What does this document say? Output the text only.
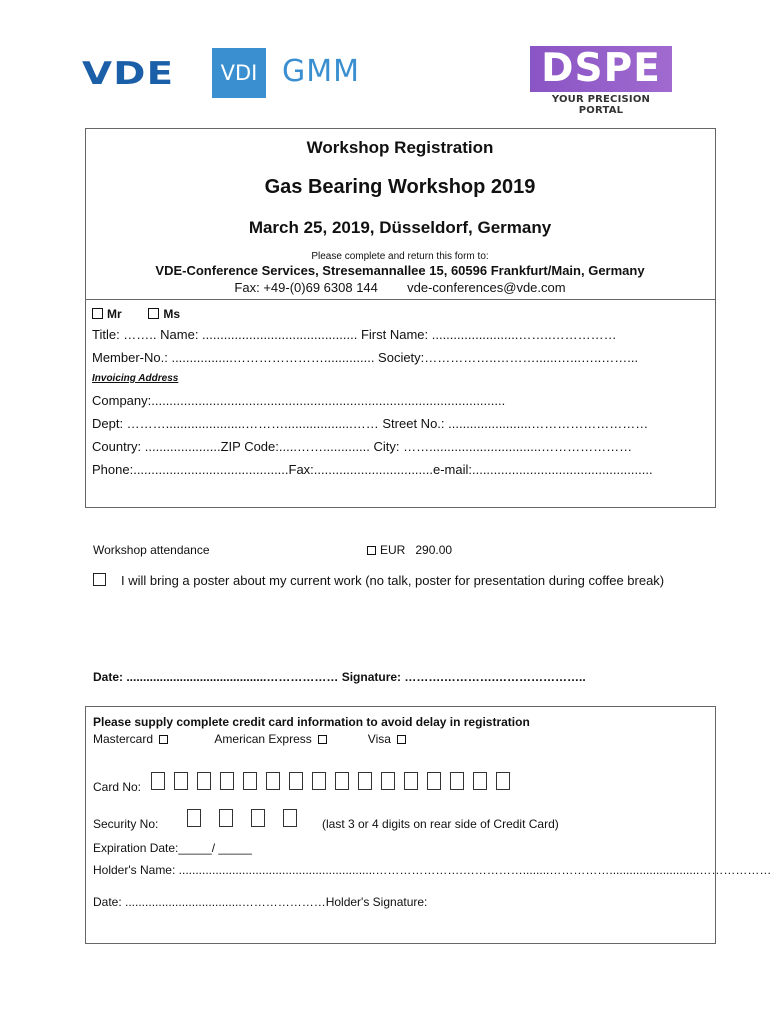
VDE VDI GMM	DSPE
YOUR PRECISION PORTAL
Workshop Registration
Gas Bearing Workshop 2019
March 25, 2019, Düsseldorf, Germany
Please complete and return this form to:
VDE-Conference Services, Stresemannallee 15, 60596 Frankfurt/Main, Germany
Fax: +49-(0)69 6308 144 vde-conferences@vde.com
Mr	Ms
Title: …….. Name: ........................................... First Name: ........................……..……………
Member-No.: .................………………….............. Society:……………..………......…...…..……...
Invoicing Address
Company:..................................................................................................
Dept: ………......................………...................…… Street No.: .......................………………………
Country: .....................ZIP Code:.....……............. City: ……...............................…………………
Phone:...........................................Fax:.................................e-mail:..................................................
Workshop attendance	EUR 290.00
I will bring a poster about my current work (no talk, poster for presentation during coffee break)
Date: ..........................................……………… Signature: ……….………….…………………..
Please supply complete credit card information to avoid delay in registration
Mastercard	American Express	Visa
Card No:
Security No:	(last 3 or 4 digits on rear side of Credit Card)
Expiration Date:_____/ _____
Holder's Name: ...........................................................………………….……………........……………...........................………………
Date: ...................................…………………Holder's Signature:
